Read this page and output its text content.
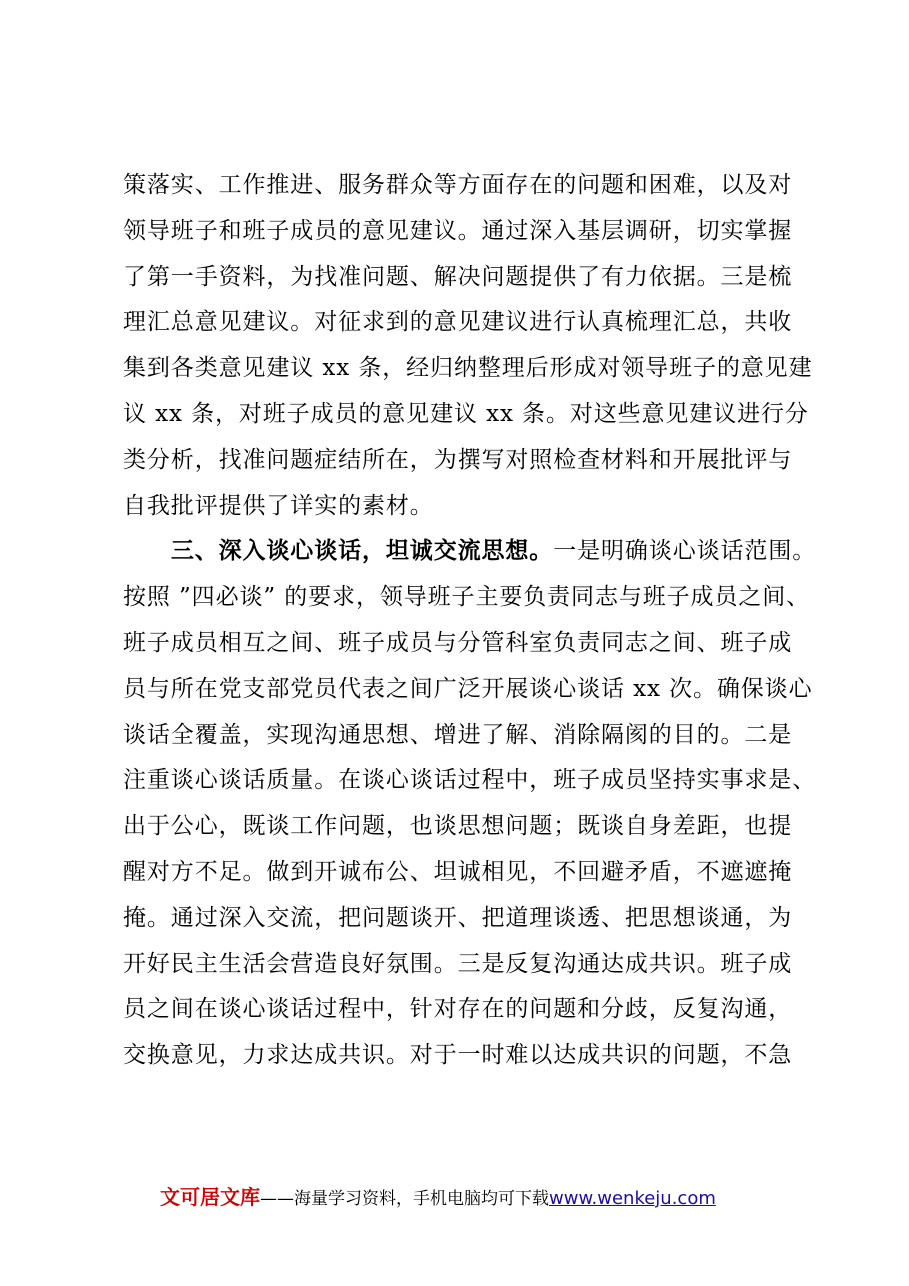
策落实、工作推进、服务群众等方面存在的问题和困难，以及对
领导班子和班子成员的意见建议。通过深入基层调研，切实掌握
了第一手资料，为找准问题、解决问题提供了有力依据。三是梳
理汇总意见建议。对征求到的意见建议进行认真梳理汇总，共收
集到各类意见建议 xx 条，经归纳整理后形成对领导班子的意见建
议 xx 条，对班子成员的意见建议 xx 条。对这些意见建议进行分
类分析，找准问题症结所在，为撰写对照检查材料和开展批评与
自我批评提供了详实的素材。
　　三、深入谈心谈话，坦诚交流思想。一是明确谈心谈话范围。
按照 ”四必谈” 的要求，领导班子主要负责同志与班子成员之间、
班子成员相互之间、班子成员与分管科室负责同志之间、班子成
员与所在党支部党员代表之间广泛开展谈心谈话 xx 次。确保谈心
谈话全覆盖，实现沟通思想、增进了解、消除隔阂的目的。二是
注重谈心谈话质量。在谈心谈话过程中，班子成员坚持实事求是、
出于公心，既谈工作问题，也谈思想问题；既谈自身差距，也提
醒对方不足。做到开诚布公、坦诚相见，不回避矛盾，不遮遮掩
掩。通过深入交流，把问题谈开、把道理谈透、把思想谈通，为
开好民主生活会营造良好氛围。三是反复沟通达成共识。班子成
员之间在谈心谈话过程中，针对存在的问题和分歧，反复沟通，
交换意见，力求达成共识。对于一时难以达成共识的问题，不急
文可居文库——海量学习资料，手机电脑均可下载www.wenkeju.com
